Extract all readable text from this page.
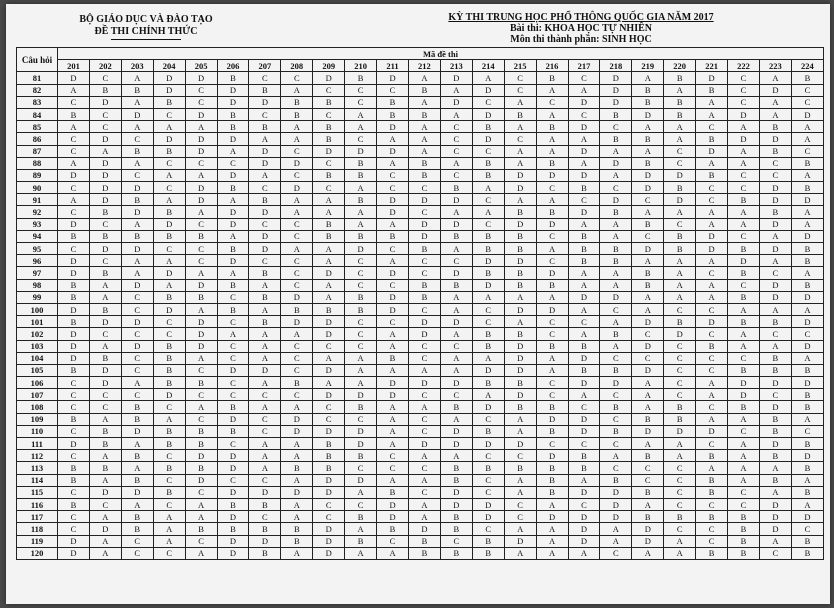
BỘ GIÁO DỤC VÀ ĐÀO TẠO
ĐỀ THI CHÍNH THỨC
KỲ THI TRUNG HỌC PHỔ THÔNG QUỐC GIA NĂM 2017
Bài thi: KHOA HỌC TỰ NHIÊN
Môn thi thành phần: SINH HỌC
Câu hỏi	Mã đề thi																							
	201	202	203	204	205	206	207	208	209	210	211	212	213	214	215	216	217	218	219	220	221	222	223	224
81	D	C	A	D	D	B	C	C	D	B	D	A	D	A	C	B	C	D	A	B	D	C	A	B
82	A	B	B	D	C	D	B	A	C	C	C	B	A	D	C	A	A	D	B	A	B	C	D	C
83	C	D	A	B	C	D	D	B	B	C	B	A	D	C	A	C	D	D	B	B	A	C	A	C
84	B	C	D	C	D	B	C	B	C	A	B	B	A	D	B	A	C	B	D	B	A	D	A	D
85	A	C	A	A	A	B	B	A	B	A	D	A	C	B	A	B	D	C	A	A	C	A	B	A
86	C	D	C	D	D	D	A	A	B	C	A	A	C	D	C	A	A	B	B	A	B	D	D	A
87	C	A	B	B	D	A	D	C	D	D	D	A	C	C	A	A	D	A	A	C	D	A	B	C
88	A	D	A	C	C	C	D	D	C	B	A	B	A	B	A	B	A	D	B	C	A	A	C	B
89	D	D	C	A	A	D	A	C	B	B	C	B	C	B	D	D	D	A	D	D	B	C	C	A
90	C	D	D	C	D	B	C	D	C	A	C	C	B	A	D	C	B	C	D	B	C	C	D	B
91	A	D	B	A	D	A	B	A	A	B	D	D	D	C	A	A	C	D	C	D	C	B	D	D
92	C	B	D	B	A	D	D	A	A	A	D	C	A	A	B	B	D	B	A	A	A	A	B	A
93	D	C	A	D	C	D	C	C	B	A	A	D	D	C	D	D	A	A	B	C	A	A	D	A
94	B	B	B	B	B	A	D	C	B	B	B	D	B	B	B	C	B	A	C	B	D	C	A	D
95	C	D	D	C	C	B	D	A	A	D	C	B	A	B	B	A	B	B	D	B	D	B	D	B
96	D	C	A	A	C	D	C	C	A	C	A	C	C	D	D	C	B	B	A	A	A	D	A	B
97	D	B	A	D	A	A	B	C	D	C	D	C	D	B	B	D	A	A	B	A	C	B	C	A
98	B	A	D	A	D	B	A	C	A	C	C	B	B	D	B	B	A	A	B	A	A	C	D	B
99	B	A	C	B	B	C	B	D	A	B	D	B	A	A	A	A	D	D	A	A	A	B	D	D
100	D	B	C	D	A	B	A	B	B	B	D	C	A	C	D	D	A	C	A	C	C	A	A	A
101	B	D	D	C	D	C	B	D	D	C	C	D	D	C	A	C	C	A	D	B	D	B	B	D
102	D	C	C	C	D	A	A	A	D	C	A	D	A	B	B	C	A	B	C	D	C	A	C	C
103	D	A	D	B	D	C	A	C	C	C	A	C	C	B	D	B	B	A	D	C	B	A	A	D
104	D	B	C	B	A	C	A	C	A	A	B	C	A	A	D	A	D	C	C	C	C	C	B	A
105	B	D	C	B	C	D	D	C	D	A	A	A	A	D	D	A	B	B	D	C	C	B	B	B
106	C	D	A	B	B	C	A	B	A	A	D	D	D	B	B	C	D	D	A	C	A	D	D	D
107	C	C	C	D	C	C	C	C	D	D	D	C	C	A	D	C	A	C	A	C	A	D	C	B
108	C	C	B	C	A	B	A	A	C	B	A	A	B	D	B	B	C	B	A	B	C	B	D	B
109	B	A	B	A	C	D	C	D	C	C	A	C	A	C	A	D	D	C	B	B	A	A	B	A
110	C	B	D	B	B	B	C	D	D	D	A	C	D	B	A	B	D	B	D	D	D	C	B	C
111	D	B	A	B	B	C	A	A	B	D	A	D	D	D	D	C	C	C	A	A	C	A	D	B
112	C	A	B	C	D	D	A	A	B	B	C	A	A	C	C	D	B	A	B	A	B	A	B	D
113	B	B	A	B	B	D	A	B	B	C	C	C	B	B	B	B	B	C	C	C	A	A	A	B
114	B	A	B	C	D	C	C	A	D	D	A	A	B	C	A	B	A	B	C	C	B	A	B	A
115	C	D	D	B	C	D	D	D	D	A	B	C	D	C	A	B	D	D	B	C	B	C	A	B
116	B	C	A	C	A	B	B	A	C	C	D	A	D	D	C	A	C	D	A	C	C	C	D	A
117	C	A	B	A	A	D	C	A	C	B	D	A	B	D	C	D	D	D	B	B	B	B	D	D
118	C	D	B	A	B	B	B	B	D	A	B	D	B	C	A	A	D	A	D	C	C	B	D	C
119	D	A	C	A	C	D	D	B	D	B	C	B	C	B	D	A	D	A	D	A	C	B	A	B
120	D	A	C	C	A	D	B	A	D	A	A	B	B	B	A	A	A	C	A	A	B	B	C	B
